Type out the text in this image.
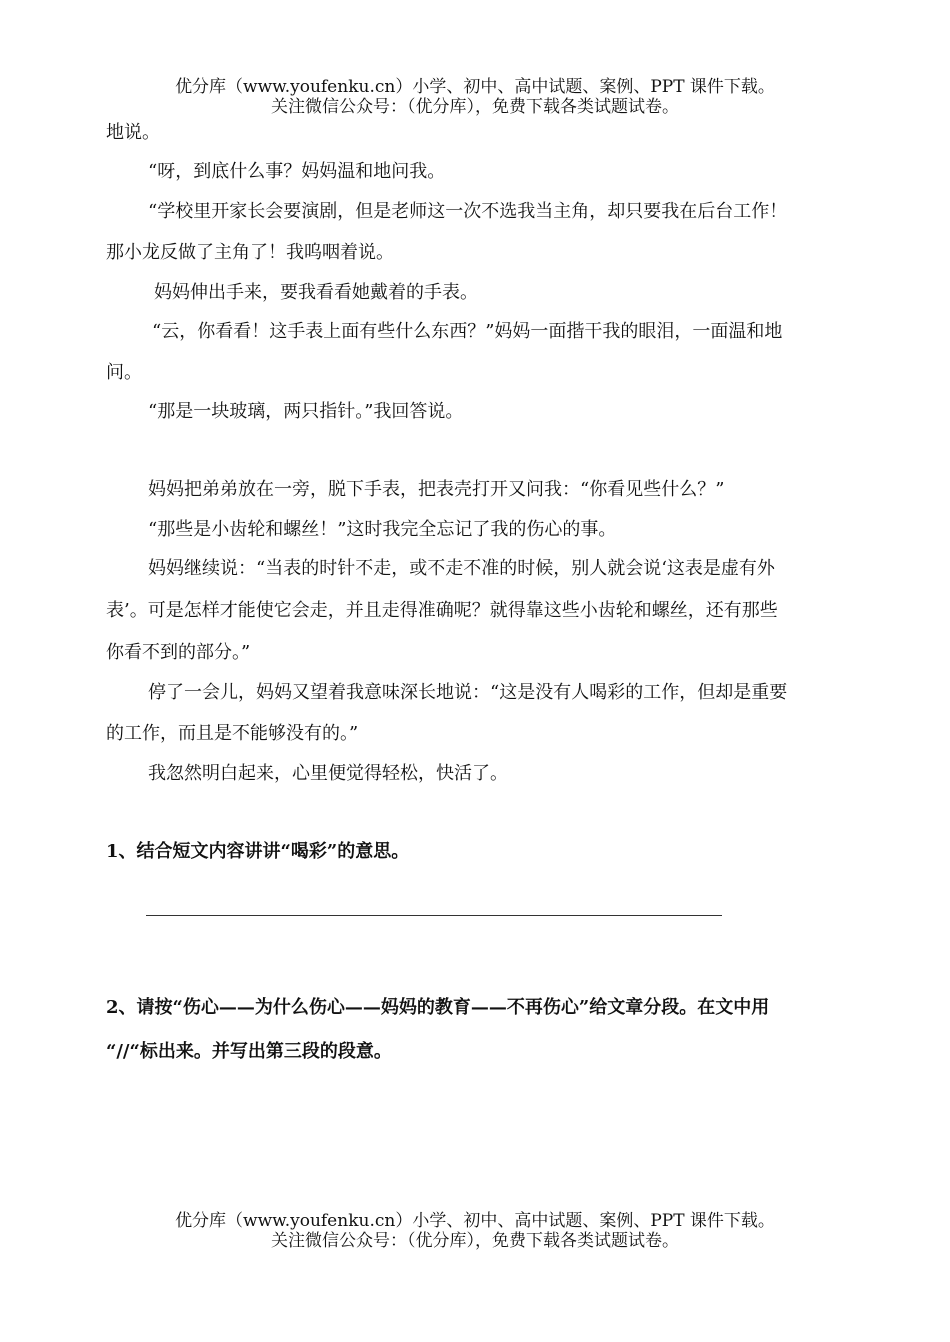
优分库（www.youfenku.cn）小学、初中、高中试题、案例、PPT 课件下载。
关注微信公众号：（优分库），免费下载各类试题试卷。
地说。
“呀，到底什么事？妈妈温和地问我。
“学校里开家长会要演剧，但是老师这一次不选我当主角，却只要我在后台工作！
那小龙反做了主角了！我呜咽着说。
妈妈伸出手来，要我看看她戴着的手表。
“云，你看看！这手表上面有些什么东西？”妈妈一面揩干我的眼泪，一面温和地
问。
“那是一块玻璃，两只指针。”我回答说。
妈妈把弟弟放在一旁，脱下手表，把表壳打开又问我：“你看见些什么？”
“那些是小齿轮和螺丝！”这时我完全忘记了我的伤心的事。
妈妈继续说：“当表的时针不走，或不走不准的时候，别人就会说‘这表是虚有外
表’。可是怎样才能使它会走，并且走得准确呢？就得靠这些小齿轮和螺丝，还有那些
你看不到的部分。”
停了一会儿，妈妈又望着我意味深长地说：“这是没有人喝彩的工作，但却是重要
的工作，而且是不能够没有的。”
我忽然明白起来，心里便觉得轻松，快活了。
1、结合短文内容讲讲“喝彩”的意思。
2、请按“伤心——为什么伤心——妈妈的教育——不再伤心”给文章分段。在文中用
“//“标出来。并写出第三段的段意。
优分库（www.youfenku.cn）小学、初中、高中试题、案例、PPT 课件下载。
关注微信公众号：（优分库），免费下载各类试题试卷。
